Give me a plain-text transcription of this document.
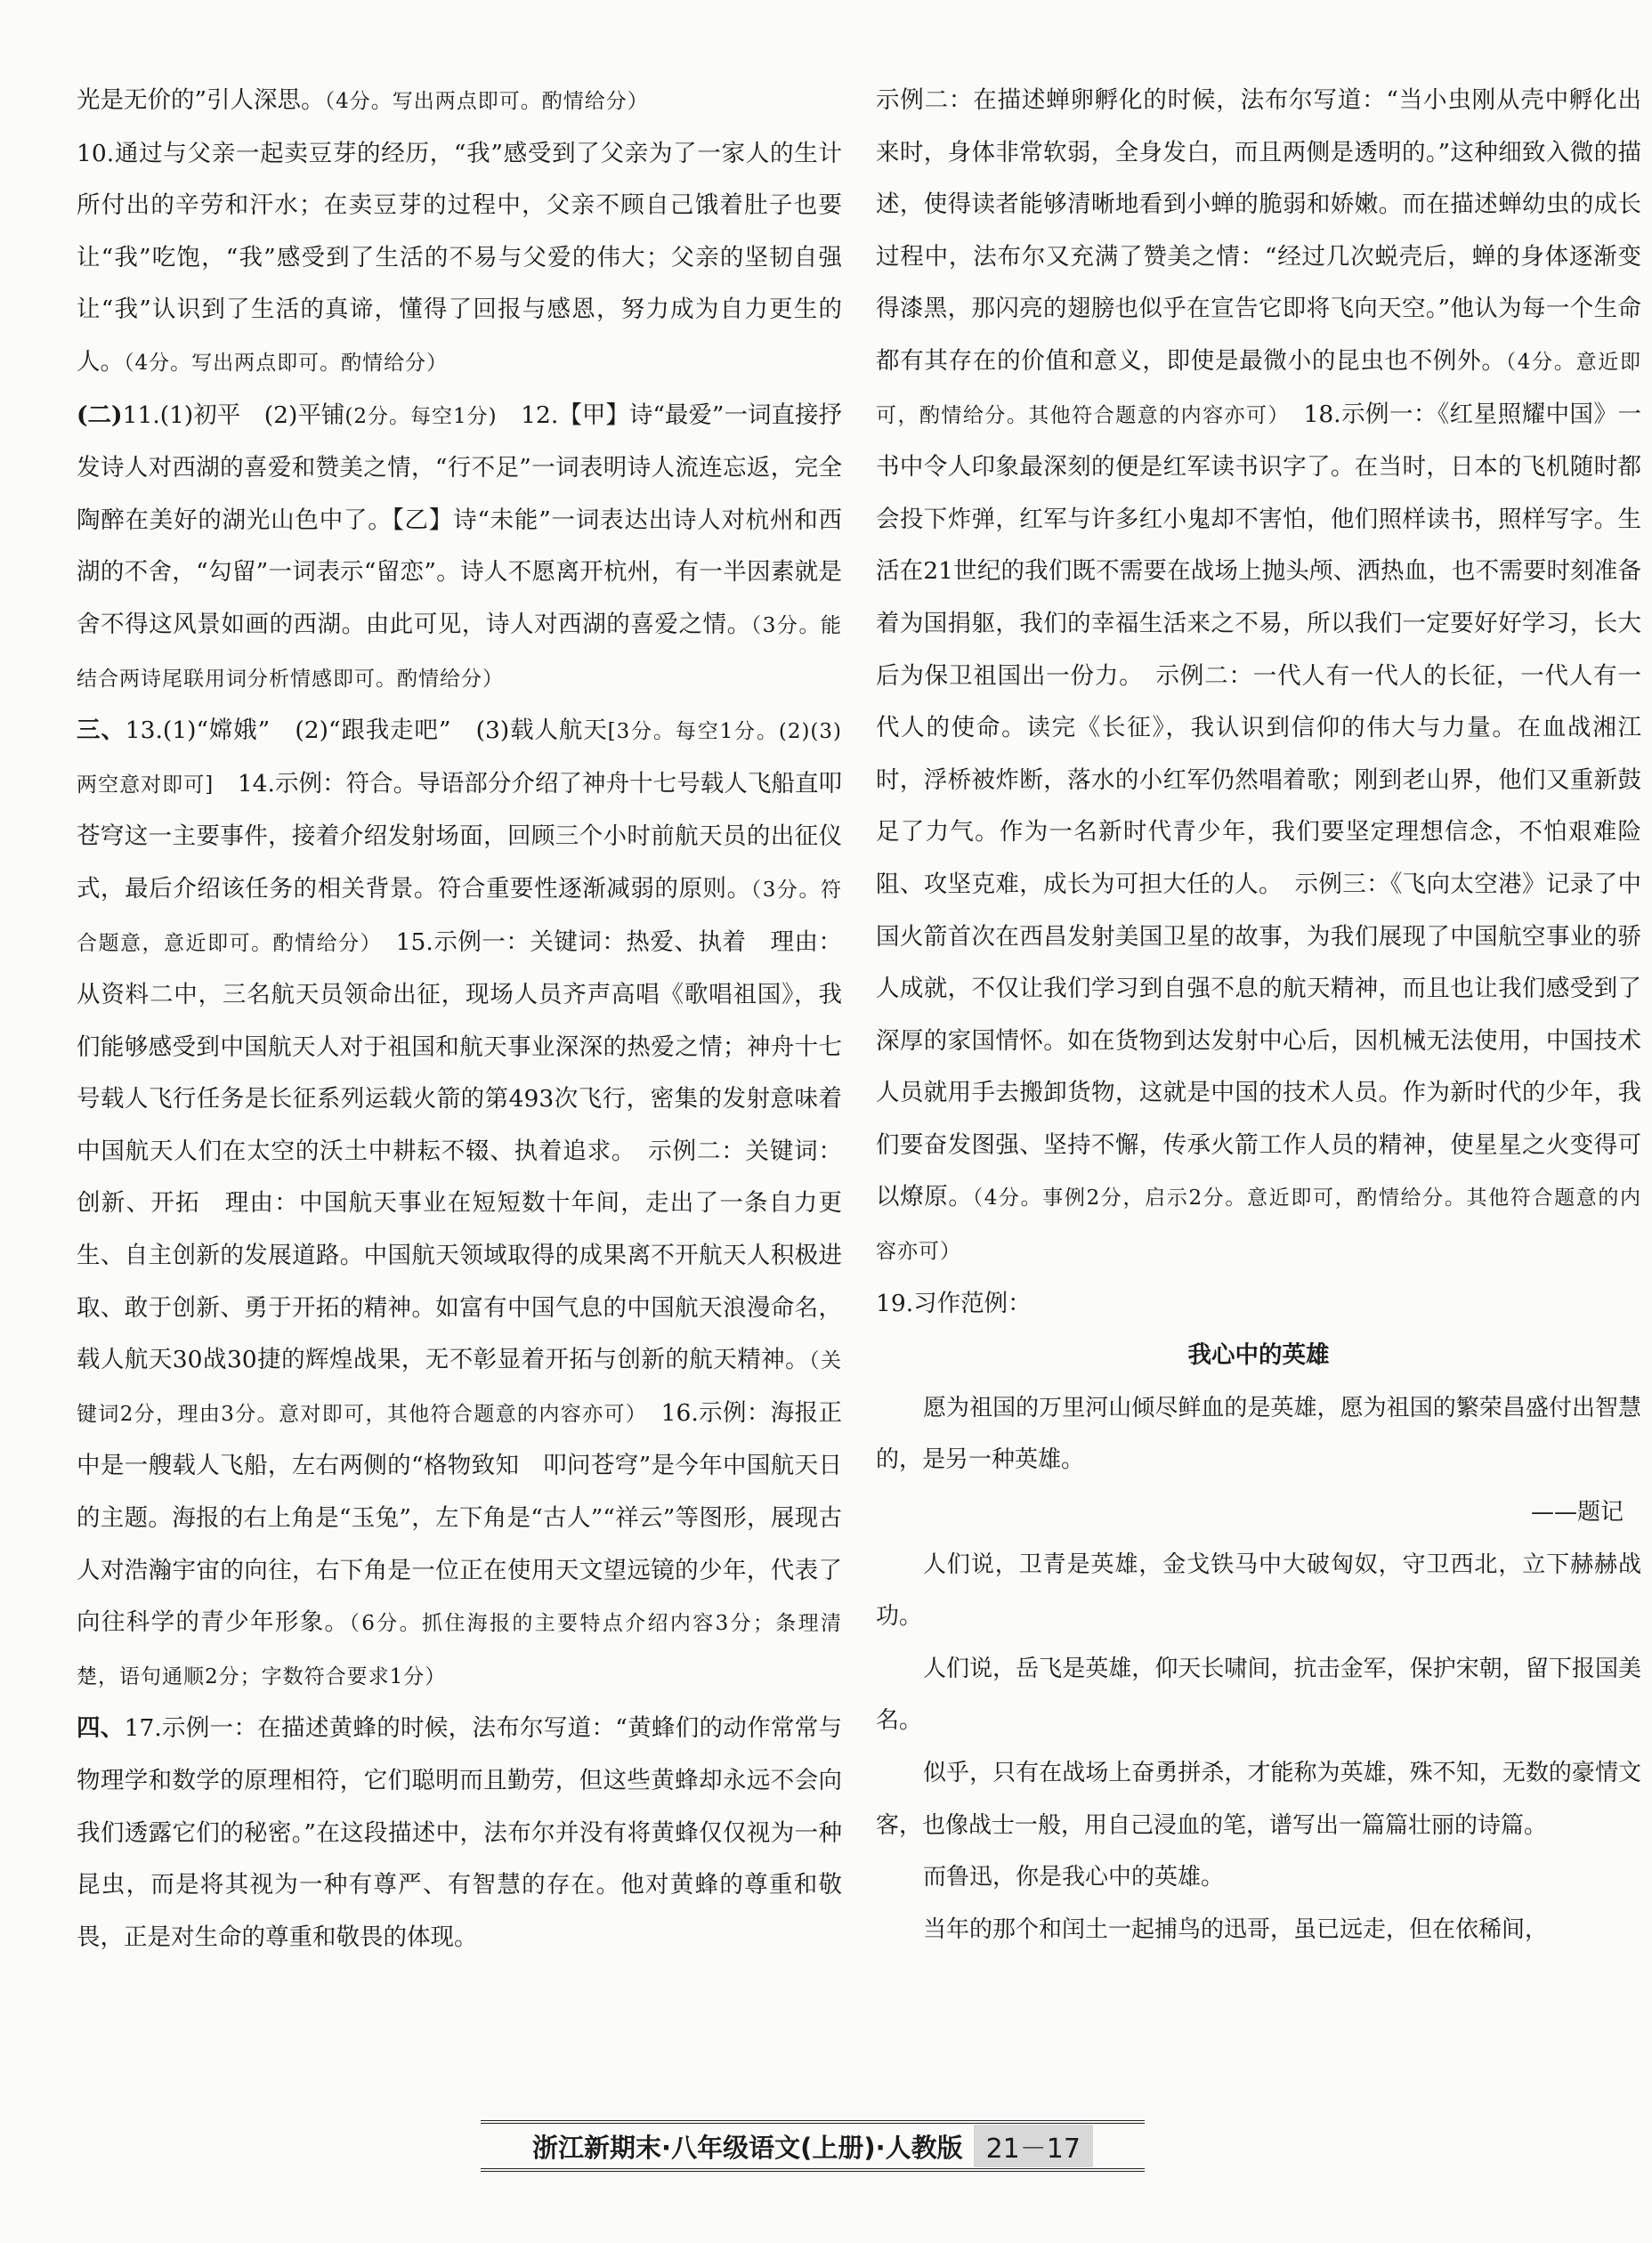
光是无价的”引人深思。（4分。写出两点即可。酌情给分）

10.通过与父亲一起卖豆芽的经历，“我”感受到了父亲为了一家人的生计所付出的辛劳和汗水；在卖豆芽的过程中，父亲不顾自己饿着肚子也要让“我”吃饱，“我”感受到了生活的不易与父爱的伟大；父亲的坚韧自强让“我”认识到了生活的真谛，懂得了回报与感恩，努力成为自力更生的人。（4分。写出两点即可。酌情给分）

(二)11.(1)初平　(2)平铺(2分。每空1分)　12.【甲】诗“最爱”一词直接抒发诗人对西湖的喜爱和赞美之情，“行不足”一词表明诗人流连忘返，完全陶醉在美好的湖光山色中了。【乙】诗“未能”一词表达出诗人对杭州和西湖的不舍，“勾留”一词表示“留恋”。诗人不愿离开杭州，有一半因素就是舍不得这风景如画的西湖。由此可见，诗人对西湖的喜爱之情。（3分。能结合两诗尾联用词分析情感即可。酌情给分）

三、13.(1)“嫦娥”　(2)“跟我走吧”　(3)载人航天[3分。每空1分。(2)(3)两空意对即可]　14.示例：符合。导语部分介绍了神舟十七号载人飞船直叩苍穹这一主要事件，接着介绍发射场面，回顾三个小时前航天员的出征仪式，最后介绍该任务的相关背景。符合重要性逐渐减弱的原则。（3分。符合题意，意近即可。酌情给分）　15.示例一：关键词：热爱、执着　理由：从资料二中，三名航天员领命出征，现场人员齐声高唱《歌唱祖国》，我们能够感受到中国航天人对于祖国和航天事业深深的热爱之情；神舟十七号载人飞行任务是长征系列运载火箭的第493次飞行，密集的发射意味着中国航天人们在太空的沃土中耕耘不辍、执着追求。　示例二：关键词：创新、开拓　理由：中国航天事业在短短数十年间，走出了一条自力更生、自主创新的发展道路。中国航天领域取得的成果离不开航天人积极进取、敢于创新、勇于开拓的精神。如富有中国气息的中国航天浪漫命名，载人航天30战30捷的辉煌战果，无不彰显着开拓与创新的航天精神。（关键词2分，理由3分。意对即可，其他符合题意的内容亦可）　16.示例：海报正中是一艘载人飞船，左右两侧的“格物致知　叩问苍穹”是今年中国航天日的主题。海报的右上角是“玉兔”，左下角是“古人”“祥云”等图形，展现古人对浩瀚宇宙的向往，右下角是一位正在使用天文望远镜的少年，代表了向往科学的青少年形象。（6分。抓住海报的主要特点介绍内容3分；条理清楚，语句通顺2分；字数符合要求1分）

四、17.示例一：在描述黄蜂的时候，法布尔写道：“黄蜂们的动作常常与物理学和数学的原理相符，它们聪明而且勤劳，但这些黄蜂却永远不会向我们透露它们的秘密。”在这段描述中，法布尔并没有将黄蜂仅仅视为一种昆虫，而是将其视为一种有尊严、有智慧的存在。他对黄蜂的尊重和敬畏，正是对生命的尊重和敬畏的体现。

示例二：在描述蝉卵孵化的时候，法布尔写道：“当小虫刚从壳中孵化出来时，身体非常软弱，全身发白，而且两侧是透明的。”这种细致入微的描述，使得读者能够清晰地看到小蝉的脆弱和娇嫩。而在描述蝉幼虫的成长过程中，法布尔又充满了赞美之情：“经过几次蜕壳后，蝉的身体逐渐变得漆黑，那闪亮的翅膀也似乎在宣告它即将飞向天空。”他认为每一个生命都有其存在的价值和意义，即使是最微小的昆虫也不例外。（4分。意近即可，酌情给分。其他符合题意的内容亦可）　18.示例一：《红星照耀中国》一书中令人印象最深刻的便是红军读书识字了。在当时，日本的飞机随时都会投下炸弹，红军与许多红小鬼却不害怕，他们照样读书，照样写字。生活在21世纪的我们既不需要在战场上抛头颅、洒热血，也不需要时刻准备着为国捐躯，我们的幸福生活来之不易，所以我们一定要好好学习，长大后为保卫祖国出一份力。　示例二：一代人有一代人的长征，一代人有一代人的使命。读完《长征》，我认识到信仰的伟大与力量。在血战湘江时，浮桥被炸断，落水的小红军仍然唱着歌；刚到老山界，他们又重新鼓足了力气。作为一名新时代青少年，我们要坚定理想信念，不怕艰难险阻、攻坚克难，成长为可担大任的人。　示例三：《飞向太空港》记录了中国火箭首次在西昌发射美国卫星的故事，为我们展现了中国航空事业的骄人成就，不仅让我们学习到自强不息的航天精神，而且也让我们感受到了深厚的家国情怀。如在货物到达发射中心后，因机械无法使用，中国技术人员就用手去搬卸货物，这就是中国的技术人员。作为新时代的少年，我们要奋发图强、坚持不懈，传承火箭工作人员的精神，使星星之火变得可以燎原。（4分。事例2分，启示2分。意近即可，酌情给分。其他符合题意的内容亦可）

19.习作范例：

我心中的英雄

愿为祖国的万里河山倾尽鲜血的是英雄，愿为祖国的繁荣昌盛付出智慧的，是另一种英雄。

——题记

人们说，卫青是英雄，金戈铁马中大破匈奴，守卫西北，立下赫赫战功。

人们说，岳飞是英雄，仰天长啸间，抗击金军，保护宋朝，留下报国美名。

似乎，只有在战场上奋勇拼杀，才能称为英雄，殊不知，无数的豪情文客，也像战士一般，用自己浸血的笔，谱写出一篇篇壮丽的诗篇。

而鲁迅，你是我心中的英雄。

当年的那个和闰土一起捕鸟的迅哥，虽已远走，但在依稀间，

浙江新期末·八年级语文(上册)·人教版 21－17
